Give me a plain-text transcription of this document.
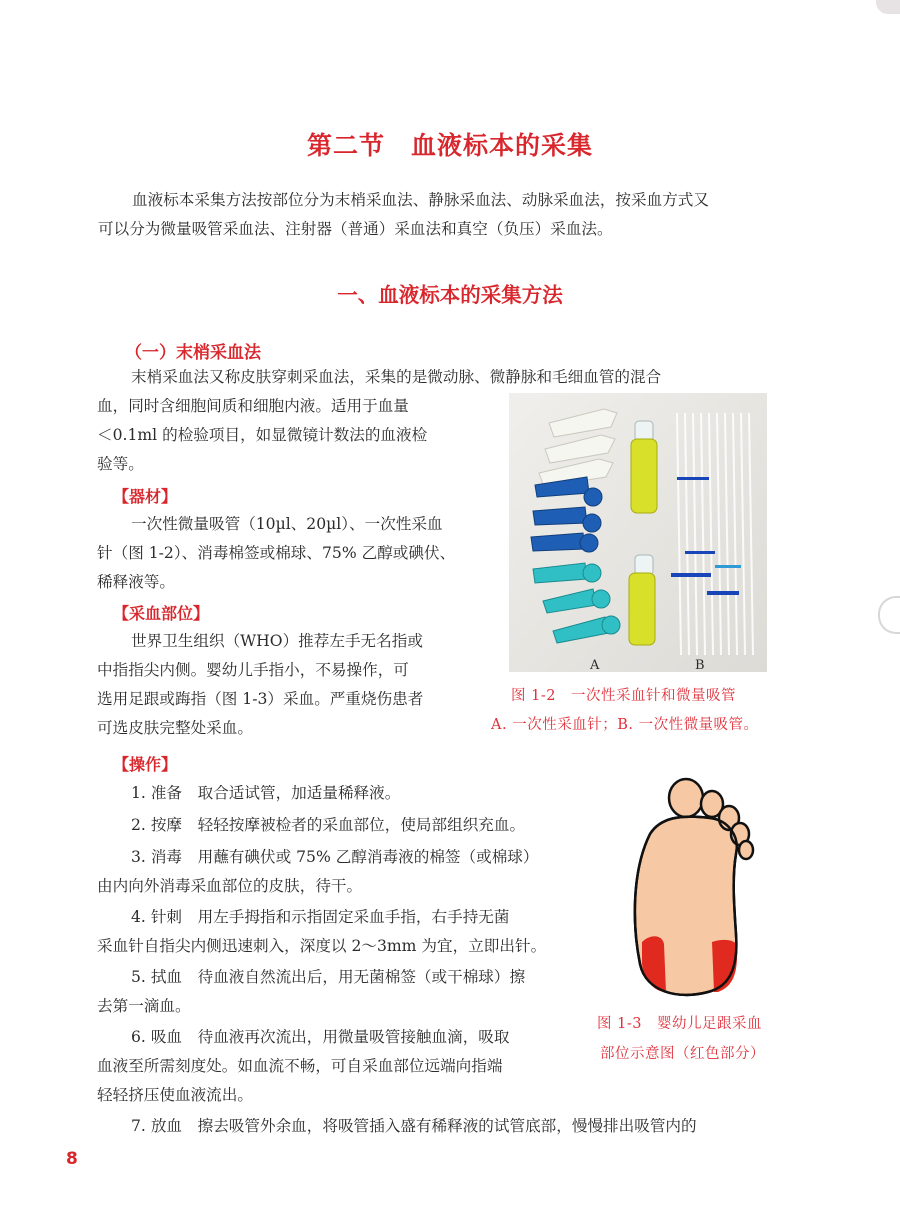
第二节　血液标本的采集
血液标本采集方法按部位分为末梢采血法、静脉采血法、动脉采血法，按采血方式又
可以分为微量吸管采血法、注射器（普通）采血法和真空（负压）采血法。
一、血液标本的采集方法
（一）末梢采血法
末梢采血法又称皮肤穿刺采血法，采集的是微动脉、微静脉和毛细血管的混合
血，同时含细胞间质和细胞内液。适用于血量
＜0.1ml 的检验项目，如显微镜计数法的血液检
验等。
【器材】
一次性微量吸管（10µl、20µl）、一次性采血
针（图 1-2）、消毒棉签或棉球、75% 乙醇或碘伏、
稀释液等。
【采血部位】
世界卫生组织（WHO）推荐左手无名指或
中指指尖内侧。婴幼儿手指小，不易操作，可
选用足跟或踇指（图 1-3）采血。严重烧伤患者
可选皮肤完整处采血。
【操作】
1. 准备　取合适试管，加适量稀释液。
2. 按摩　轻轻按摩被检者的采血部位，使局部组织充血。
3. 消毒　用蘸有碘伏或 75% 乙醇消毒液的棉签（或棉球）
由内向外消毒采血部位的皮肤，待干。
4. 针刺　用左手拇指和示指固定采血手指，右手持无菌
采血针自指尖内侧迅速刺入，深度以 2～3mm 为宜，立即出针。
5. 拭血　待血液自然流出后，用无菌棉签（或干棉球）擦
去第一滴血。
6. 吸血　待血液再次流出，用微量吸管接触血滴，吸取
血液至所需刻度处。如血流不畅，可自采血部位远端向指端
轻轻挤压使血液流出。
7. 放血　擦去吸管外余血，将吸管插入盛有稀释液的试管底部，慢慢排出吸管内的
A	B
图 1-2　一次性采血针和微量吸管
A. 一次性采血针；B. 一次性微量吸管。
图 1-3　婴幼儿足跟采血
部位示意图（红色部分）
8
